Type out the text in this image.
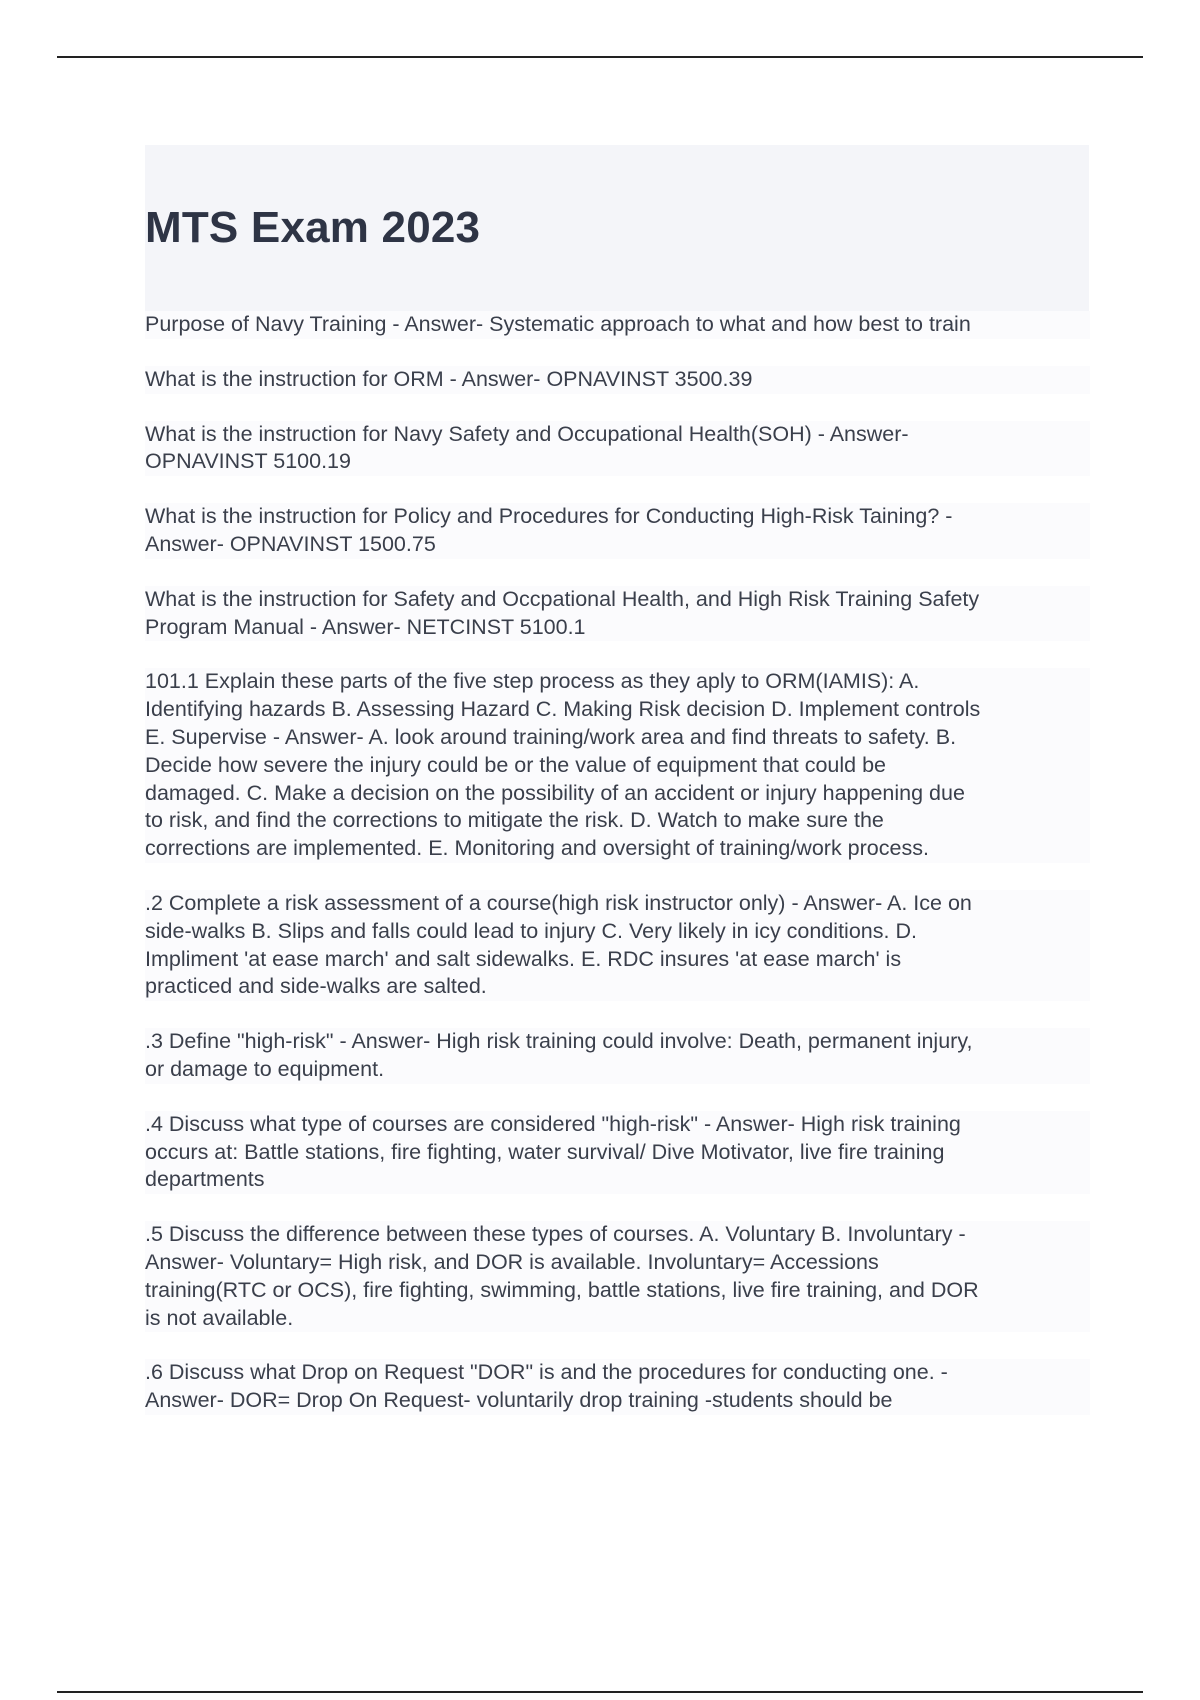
MTS Exam 2023

Purpose of Navy Training - Answer- Systematic approach to what and how best to train

What is the instruction for ORM - Answer- OPNAVINST 3500.39

What is the instruction for Navy Safety and Occupational Health(SOH) - Answer-
OPNAVINST 5100.19

What is the instruction for Policy and Procedures for Conducting High-Risk Taining? -
Answer- OPNAVINST 1500.75

What is the instruction for Safety and Occpational Health, and High Risk Training Safety
Program Manual - Answer- NETCINST 5100.1

101.1 Explain these parts of the five step process as they aply to ORM(IAMIS): A.
Identifying hazards B. Assessing Hazard C. Making Risk decision D. Implement controls
E. Supervise - Answer- A. look around training/work area and find threats to safety. B.
Decide how severe the injury could be or the value of equipment that could be
damaged. C. Make a decision on the possibility of an accident or injury happening due
to risk, and find the corrections to mitigate the risk. D. Watch to make sure the
corrections are implemented. E. Monitoring and oversight of training/work process.

.2 Complete a risk assessment of a course(high risk instructor only) - Answer- A. Ice on
side-walks B. Slips and falls could lead to injury C. Very likely in icy conditions. D.
Impliment 'at ease march' and salt sidewalks. E. RDC insures 'at ease march' is
practiced and side-walks are salted.

.3 Define "high-risk" - Answer- High risk training could involve: Death, permanent injury,
or damage to equipment.

.4 Discuss what type of courses are considered "high-risk" - Answer- High risk training
occurs at: Battle stations, fire fighting, water survival/ Dive Motivator, live fire training
departments

.5 Discuss the difference between these types of courses. A. Voluntary B. Involuntary -
Answer- Voluntary= High risk, and DOR is available. Involuntary= Accessions
training(RTC or OCS), fire fighting, swimming, battle stations, live fire training, and DOR
is not available.

.6 Discuss what Drop on Request "DOR" is and the procedures for conducting one. -
Answer- DOR= Drop On Request- voluntarily drop training -students should be
